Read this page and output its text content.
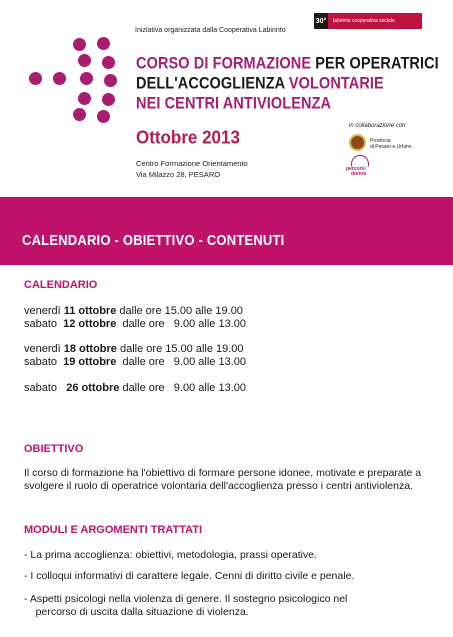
Iniziativa organizzata dalla Cooperativa Labirinto
30°	labirinto cooperativa sociale
CORSO DI FORMAZIONE PER OPERATRICI
DELL'ACCOGLIENZA VOLONTARIE
NEI CENTRI ANTIVIOLENZA
Ottobre 2013
Centro Formazione Orientamento
Via Milazzo 28, PESARO
in collaborazione con
Provincia
di Pesaro e Urbino
percorsi
donna
CALENDARIO - OBIETTIVO - CONTENUTI
CALENDARIO
venerdì 11 ottobre dalle ore 15.00 alle 19.00
sabato  12 ottobre  dalle ore   9.00 alle 13.00
venerdì 18 ottobre dalle ore 15.00 alle 19.00
sabato  19 ottobre  dalle ore   9.00 alle 13.00
sabato   26 ottobre dalle ore   9.00 alle 13.00
OBIETTIVO
Il corso di formazione ha l'obiettivo di formare persone idonee, motivate e preparate a svolgere il ruolo di operatrice volontaria dell'accoglienza presso i centri antiviolenza.
MODULI E ARGOMENTI TRATTATI
- La prima accoglienza: obiettivi, metodologia, prassi operative.
- I colloqui informativi di carattere legale. Cenni di diritto civile e penale.
- Aspetti psicologi nella violenza di genere. Il sostegno psicologico nel
percorso di uscita dalla situazione di violenza.
